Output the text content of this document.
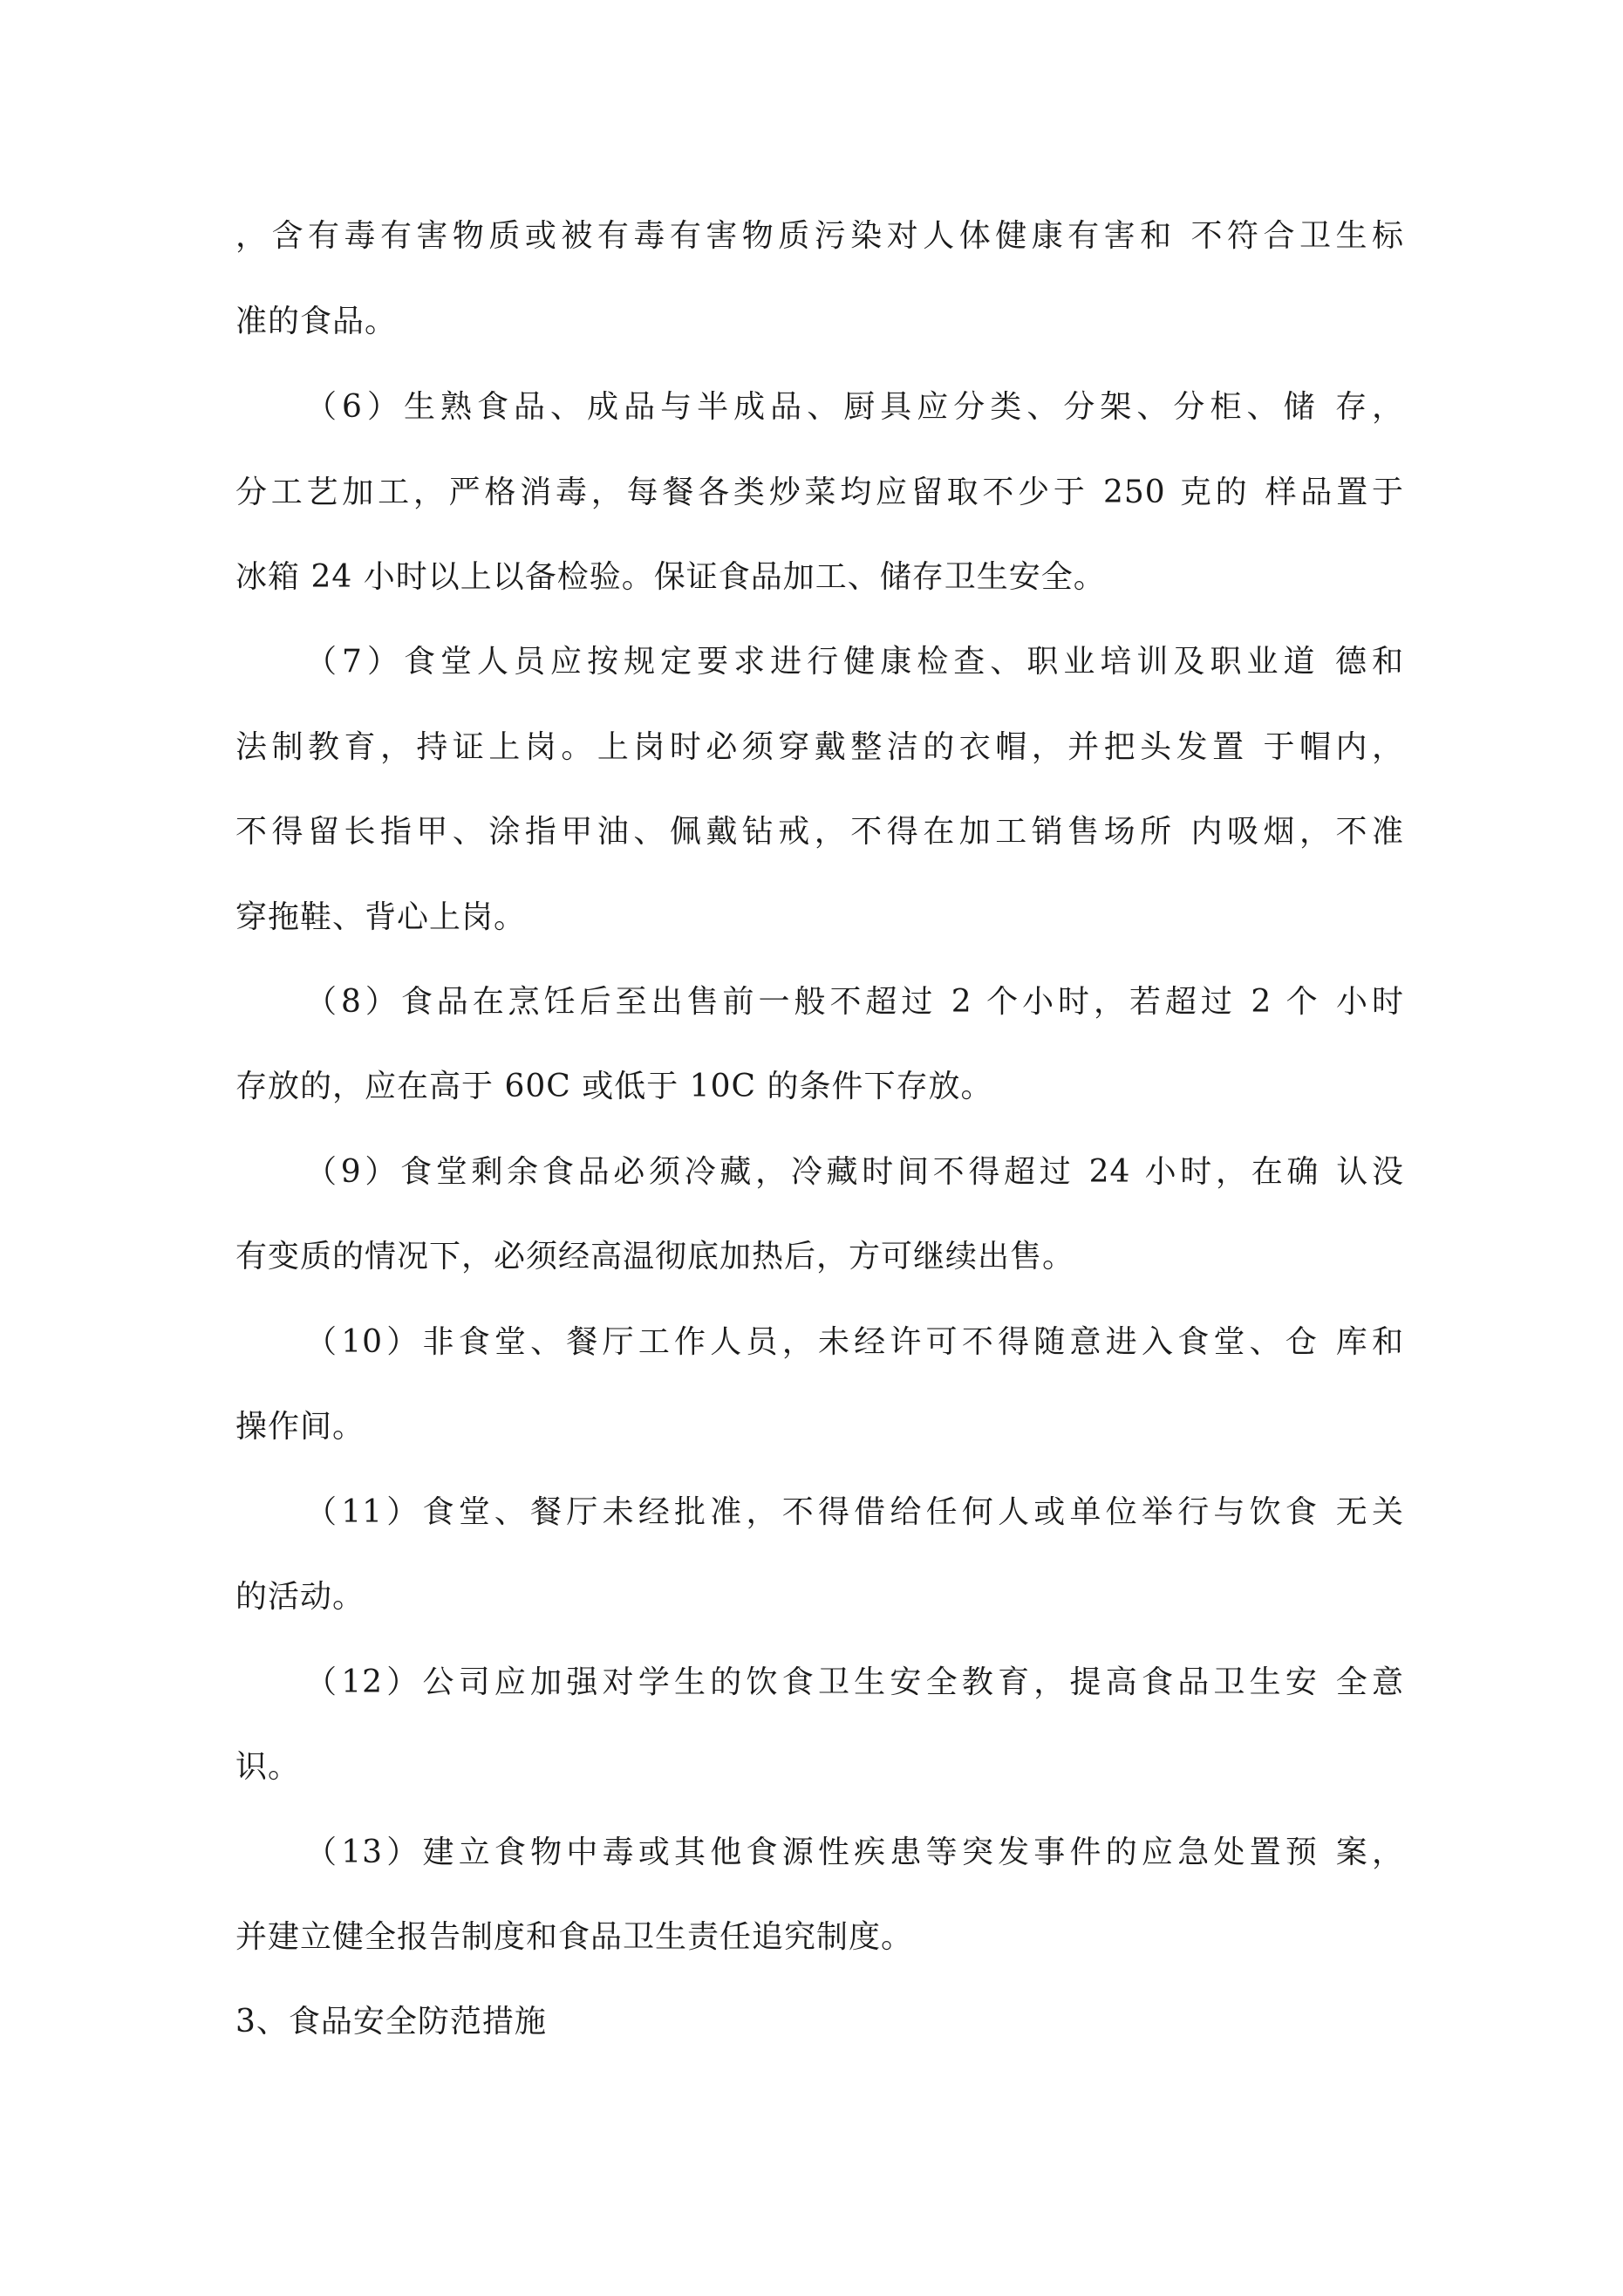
，含有毒有害物质或被有毒有害物质污染对人体健康有害和 不符合卫生标
准的食品。
（6）生熟食品、成品与半成品、厨具应分类、分架、分柜、储 存，
分工艺加工，严格消毒，每餐各类炒菜均应留取不少于 250 克的 样品置于
冰箱 24 小时以上以备检验。保证食品加工、储存卫生安全。
（7）食堂人员应按规定要求进行健康检查、职业培训及职业道 德和
法制教育，持证上岗。上岗时必须穿戴整洁的衣帽，并把头发置 于帽内，
不得留长指甲、涂指甲油、佩戴钻戒，不得在加工销售场所 内吸烟，不准
穿拖鞋、背心上岗。
（8）食品在烹饪后至出售前一般不超过 2 个小时，若超过 2 个 小时
存放的，应在高于 60C 或低于 10C 的条件下存放。
（9）食堂剩余食品必须冷藏，冷藏时间不得超过 24 小时，在确 认没
有变质的情况下，必须经高温彻底加热后，方可继续出售。
（10）非食堂、餐厅工作人员，未经许可不得随意进入食堂、仓 库和
操作间。
（11）食堂、餐厅未经批准，不得借给任何人或单位举行与饮食 无关
的活动。
（12）公司应加强对学生的饮食卫生安全教育，提高食品卫生安 全意
识。
（13）建立食物中毒或其他食源性疾患等突发事件的应急处置预 案，
并建立健全报告制度和食品卫生责任追究制度。
3、食品安全防范措施
